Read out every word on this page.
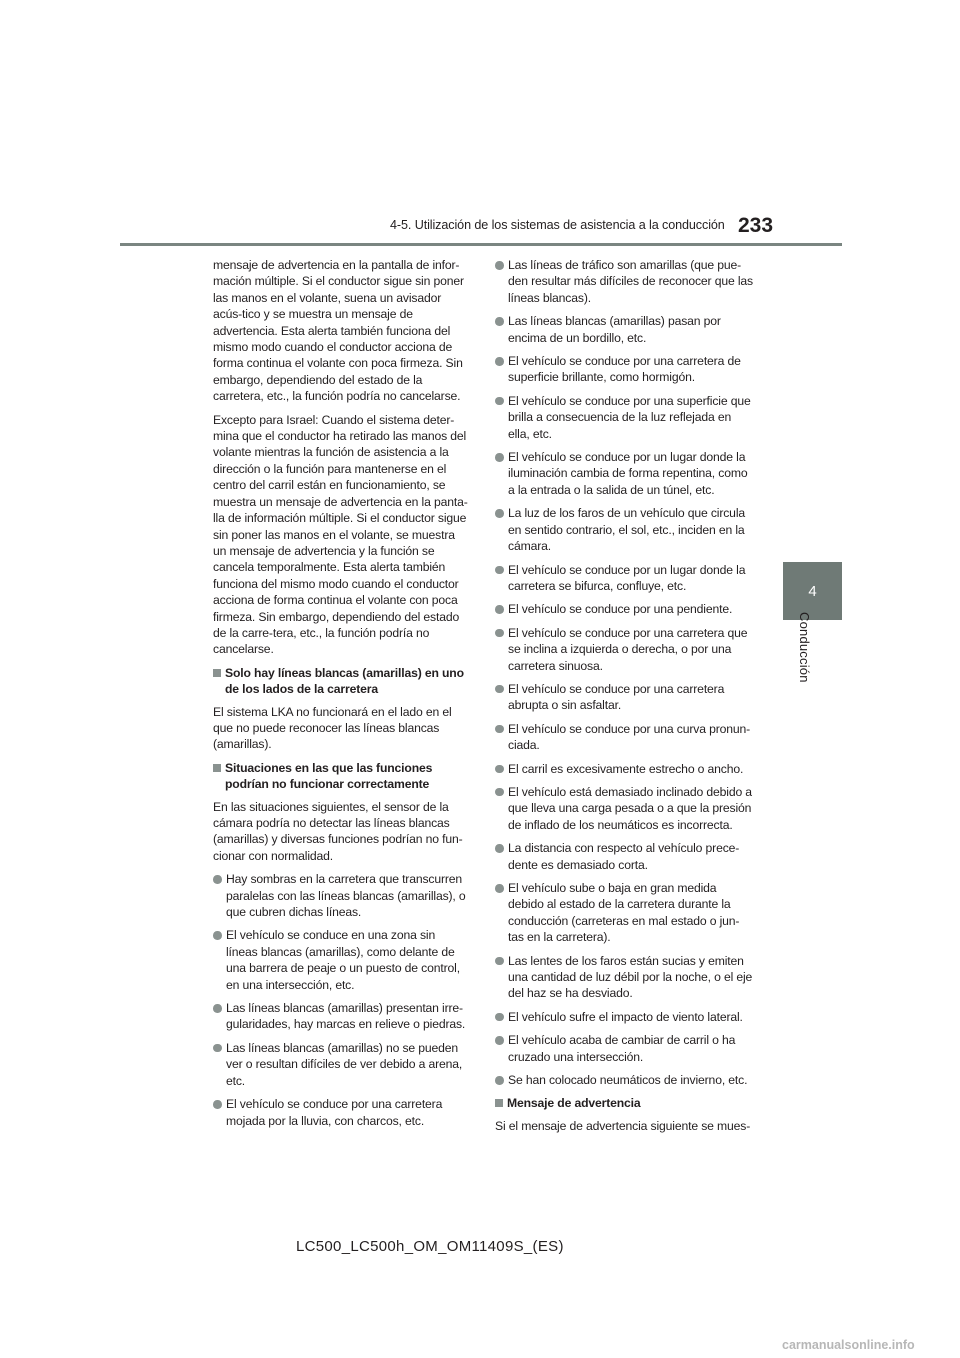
4-5. Utilización de los sistemas de asistencia a la conducción 233
4
Conducción

mensaje de advertencia en la pantalla de infor-mación múltiple. Si el conductor sigue sin poner las manos en el volante, suena un avisador acús-tico y se muestra un mensaje de advertencia. Esta alerta también funciona del mismo modo cuando el conductor acciona de forma continua el volante con poca firmeza. Sin embargo, dependiendo del estado de la carretera, etc., la función podría no cancelarse.

Excepto para Israel: Cuando el sistema deter-mina que el conductor ha retirado las manos del volante mientras la función de asistencia a la dirección o la función para mantenerse en el centro del carril están en funcionamiento, se muestra un mensaje de advertencia en la panta-lla de información múltiple. Si el conductor sigue sin poner las manos en el volante, se muestra un mensaje de advertencia y la función se cancela temporalmente. Esta alerta también funciona del mismo modo cuando el conductor acciona de forma continua el volante con poca firmeza. Sin embargo, dependiendo del estado de la carre-tera, etc., la función podría no cancelarse.

Solo hay líneas blancas (amarillas) en uno de los lados de la carretera

El sistema LKA no funcionará en el lado en el que no puede reconocer las líneas blancas (amarillas).

Situaciones en las que las funciones podrían no funcionar correctamente

En las situaciones siguientes, el sensor de la cámara podría no detectar las líneas blancas (amarillas) y diversas funciones podrían no fun-cionar con normalidad.

Hay sombras en la carretera que transcurren paralelas con las líneas blancas (amarillas), o que cubren dichas líneas.
El vehículo se conduce en una zona sin líneas blancas (amarillas), como delante de una barrera de peaje o un puesto de control, en una intersección, etc.
Las líneas blancas (amarillas) presentan irre-gularidades, hay marcas en relieve o piedras.
Las líneas blancas (amarillas) no se pueden ver o resultan difíciles de ver debido a arena, etc.
El vehículo se conduce por una carretera mojada por la lluvia, con charcos, etc.
Las líneas de tráfico son amarillas (que pue-den resultar más difíciles de reconocer que las líneas blancas).
Las líneas blancas (amarillas) pasan por encima de un bordillo, etc.
El vehículo se conduce por una carretera de superficie brillante, como hormigón.
El vehículo se conduce por una superficie que brilla a consecuencia de la luz reflejada en ella, etc.
El vehículo se conduce por un lugar donde la iluminación cambia de forma repentina, como a la entrada o la salida de un túnel, etc.
La luz de los faros de un vehículo que circula en sentido contrario, el sol, etc., inciden en la cámara.
El vehículo se conduce por un lugar donde la carretera se bifurca, confluye, etc.
El vehículo se conduce por una pendiente.
El vehículo se conduce por una carretera que se inclina a izquierda o derecha, o por una carretera sinuosa.
El vehículo se conduce por una carretera abrupta o sin asfaltar.
El vehículo se conduce por una curva pronun-ciada.
El carril es excesivamente estrecho o ancho.
El vehículo está demasiado inclinado debido a que lleva una carga pesada o a que la presión de inflado de los neumáticos es incorrecta.
La distancia con respecto al vehículo prece-dente es demasiado corta.
El vehículo sube o baja en gran medida debido al estado de la carretera durante la conducción (carreteras en mal estado o jun-tas en la carretera).
Las lentes de los faros están sucias y emiten una cantidad de luz débil por la noche, o el eje del haz se ha desviado.
El vehículo sufre el impacto de viento lateral.
El vehículo acaba de cambiar de carril o ha cruzado una intersección.
Se han colocado neumáticos de invierno, etc.
Mensaje de advertencia

Si el mensaje de advertencia siguiente se mues-

LC500_LC500h_OM_OM11409S_(ES)
carmanualsonline.info
